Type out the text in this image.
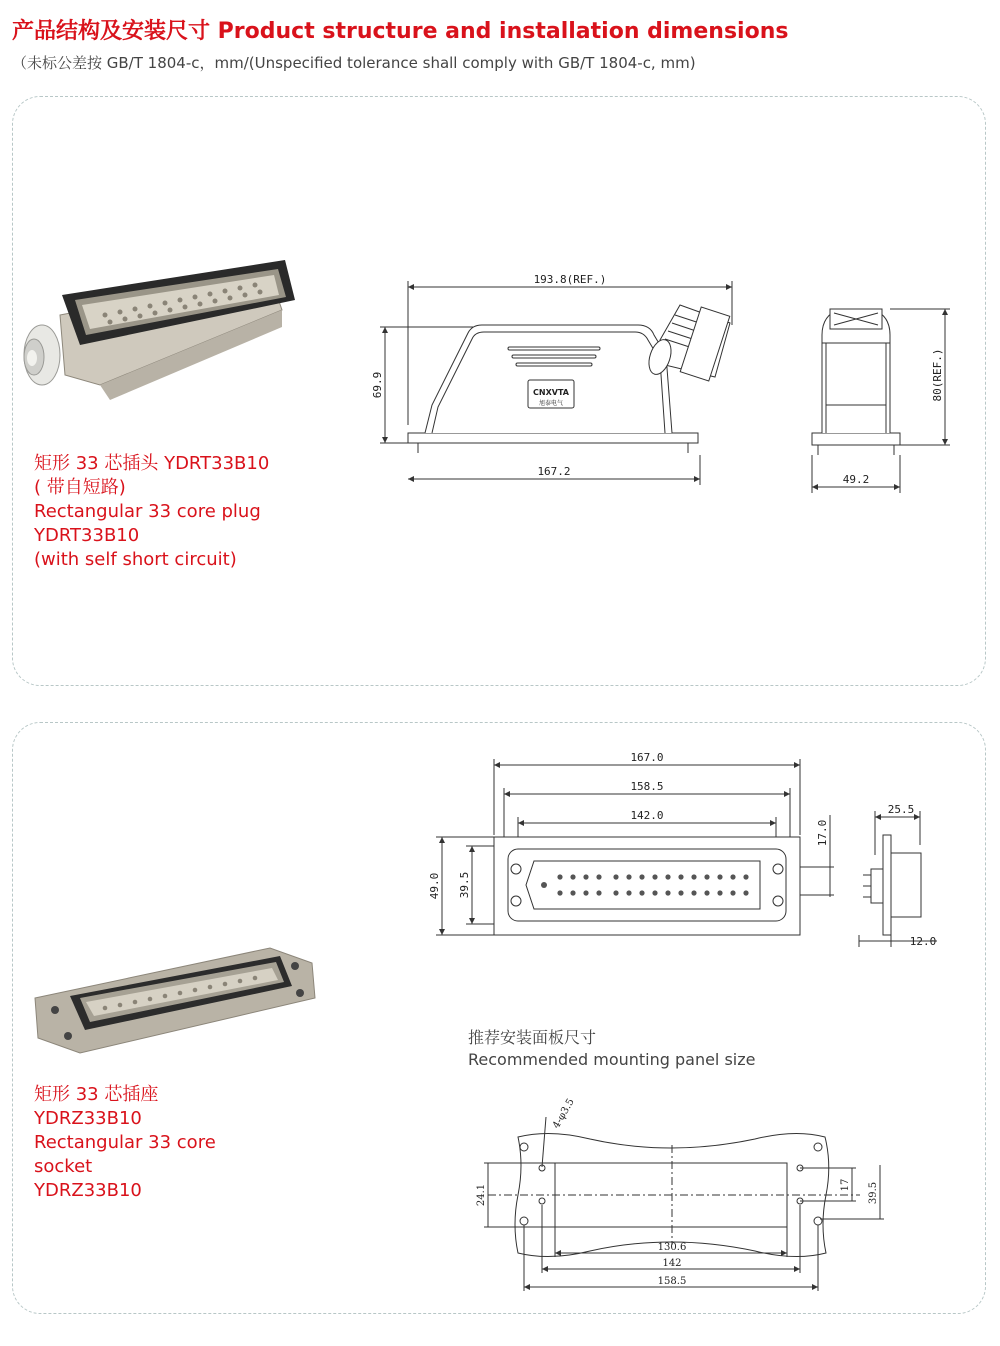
产品结构及安装尺寸 Product structure and installation dimensions
（未标公差按 GB/T 1804-c，mm/(Unspecified tolerance shall comply with GB/T 1804-c, mm)
矩形 33 芯插头 YDRT33B10
( 带自短路)
Rectangular 33 core plug
YDRT33B10
(with self short circuit)
193.8(REF.)
69.9
167.2
CNXVTA
旭泰电气
80(REF.)
49.2
矩形 33 芯插座
YDRZ33B10
Rectangular 33 core
socket
YDRZ33B10
167.0
158.5
142.0
49.0 39.5
17.0
25.5
12.0
推荐安装面板尺寸
Recommended mounting panel size
4-φ3.5
24.1	17 39.5
130.6
142
158.5
